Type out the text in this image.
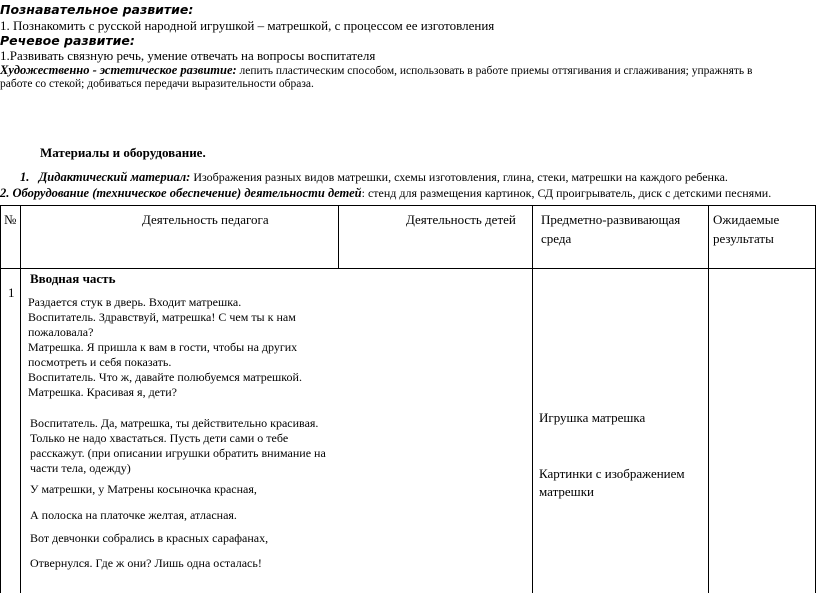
Познавательное развитие:
1. Познакомить с русской народной игрушкой – матрешкой, с процессом ее изготовления
Речевое развитие:
1.Развивать связную речь, умение отвечать на вопросы воспитателя
Художественно - эстетическое развитие: лепить пластическим способом, использовать в работе приемы оттягивания и сглаживания; упражнять в
работе со стекой; добиваться передачи выразительности образа.
Материалы и оборудование.
1. Дидактический материал: Изображения разных видов матрешки, схемы изготовления, глина, стеки, матрешки на каждого ребенка.
2. Оборудование (техническое обеспечение) деятельности детей: стенд для размещения картинок, СД проигрыватель, диск с детскими песнями.
№	Деятельность педагога	Деятельность детей Предметно-развивающая
среда
Ожидаемые
результаты
1
Вводная часть
Раздается стук в дверь. Входит матрешка.
Воспитатель. Здравствуй, матрешка! С чем ты к нам
пожаловала?
Матрешка. Я пришла к вам в гости, чтобы на других
посмотреть и себя показать.
Воспитатель. Что ж, давайте полюбуемся матрешкой.
Матрешка. Красивая я, дети?
Воспитатель. Да, матрешка, ты действительно красивая.
Только не надо хвастаться. Пусть дети сами о тебе
расскажут. (при описании игрушки обратить внимание на
части тела, одежду)
У матрешки, у Матрены косыночка красная,
А полоска на платочке желтая, атласная.
Вот девчонки собрались в красных сарафанах,
Отвернулся. Где ж они? Лишь одна осталась!
Игрушка матрешка
Картинки с изображением
матрешки
